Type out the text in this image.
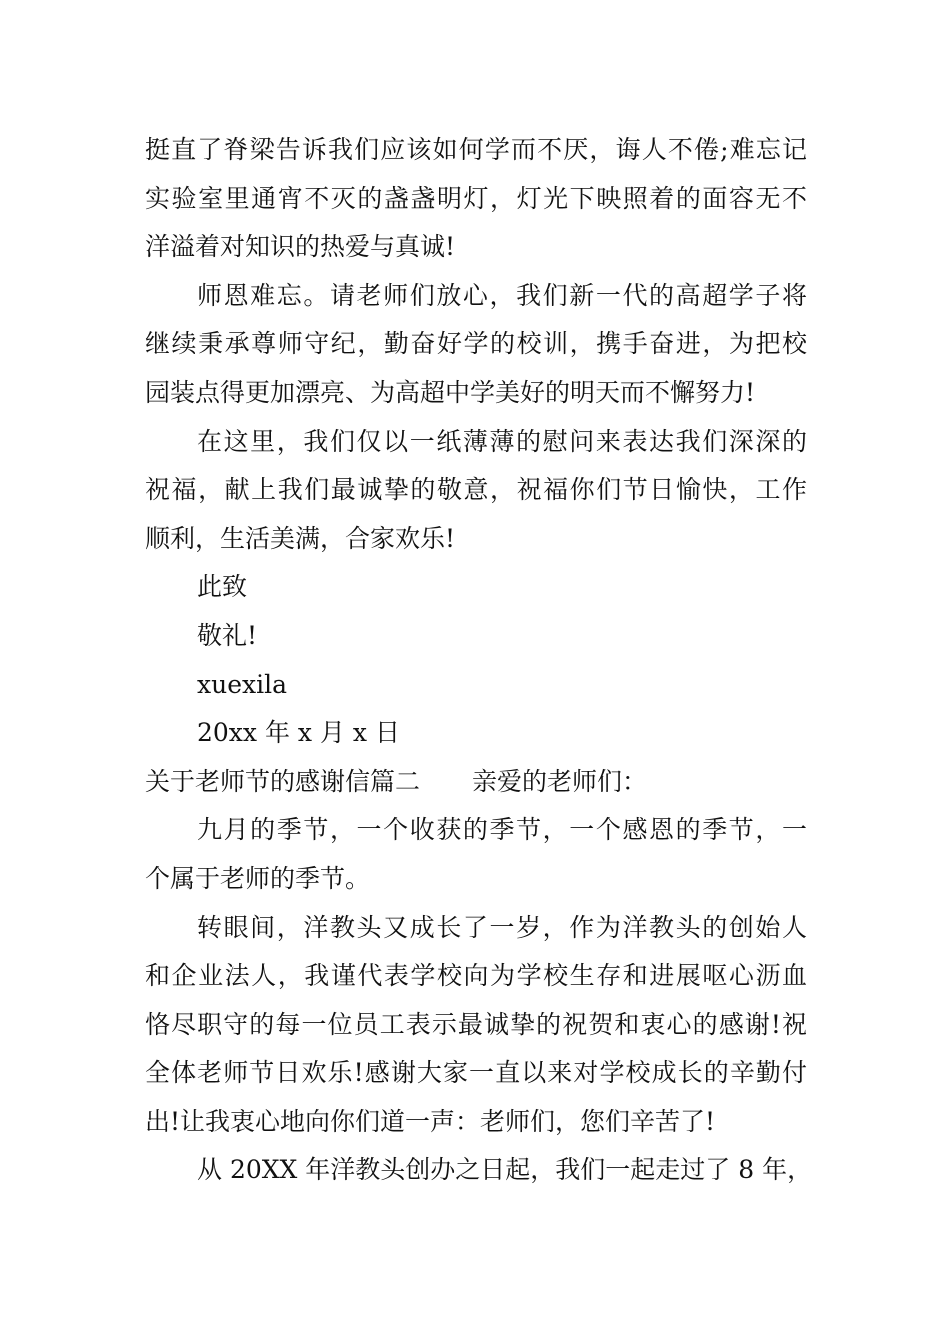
挺直了脊梁告诉我们应该如何学而不厌，诲人不倦;难忘记
实验室里通宵不灭的盏盏明灯，灯光下映照着的面容无不
洋溢着对知识的热爱与真诚!
师恩难忘。请老师们放心，我们新一代的高超学子将
继续秉承尊师守纪，勤奋好学的校训，携手奋进，为把校
园装点得更加漂亮、为高超中学美好的明天而不懈努力!
在这里，我们仅以一纸薄薄的慰问来表达我们深深的
祝福，献上我们最诚挚的敬意，祝福你们节日愉快，工作
顺利，生活美满，合家欢乐!
此致
敬礼!
xuexila
20xx 年 x 月 x 日
关于老师节的感谢信篇二 亲爱的老师们：
九月的季节，一个收获的季节，一个感恩的季节，一
个属于老师的季节。
转眼间，洋教头又成长了一岁，作为洋教头的创始人
和企业法人，我谨代表学校向为学校生存和进展呕心沥血
恪尽职守的每一位员工表示最诚挚的祝贺和衷心的感谢!祝
全体老师节日欢乐!感谢大家一直以来对学校成长的辛勤付
出!让我衷心地向你们道一声：老师们，您们辛苦了!
从 20XX 年洋教头创办之日起，我们一起走过了 8 年，
